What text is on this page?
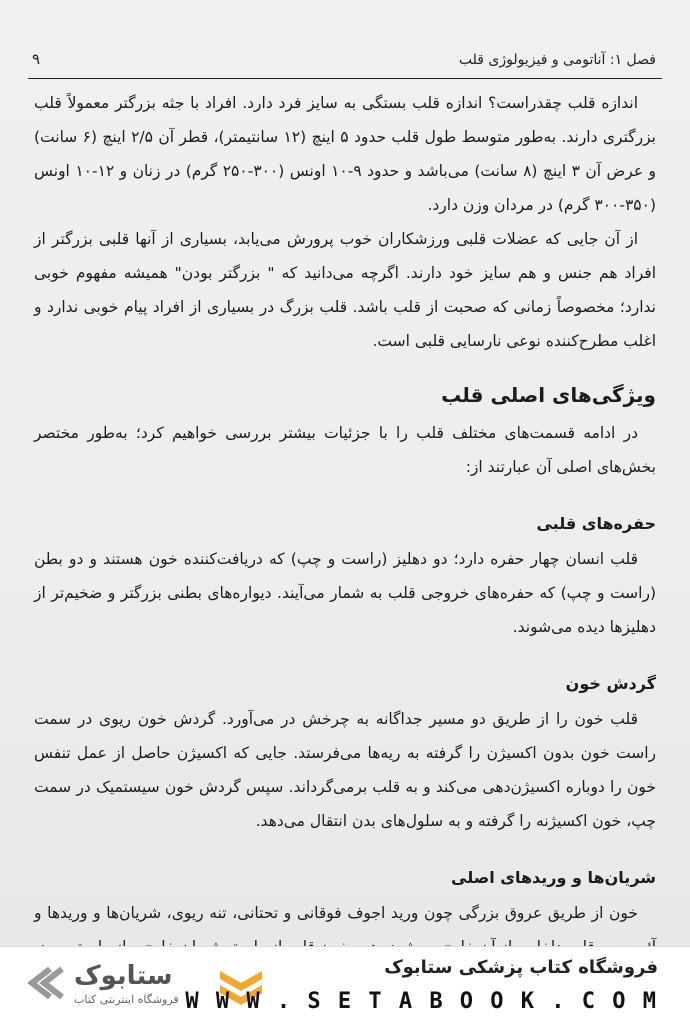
فصل ۱: آناتومی و فیزیولوژی قلب
۹

اندازه قلب چقدراست؟ اندازه قلب بستگی به سایز فرد دارد. افراد با جثه بزرگتر معمولاً قلب بزرگتری دارند. به‌طور متوسط طول قلب حدود ۵ اینچ (۱۲ سانتیمتر)، قطر آن ۲/۵ اینچ (۶ سانت) و عرض آن ۳ اینچ (۸ سانت) می‌باشد و حدود ۹-۱۰ اونس (۳۰۰-۲۵۰ گرم) در زنان و ۱۲-۱۰ اونس (۳۵۰-۳۰۰ گرم) در مردان وزن دارد.

از آن جایی که عضلات قلبی ورزشکاران خوب پرورش می‌یابد، بسیاری از آنها قلبی بزرگتر از افراد هم جنس و هم سایز خود دارند. اگرچه می‌دانید که " بزرگتر بودن" همیشه مفهوم خوبی ندارد؛ مخصوصاً زمانی که صحبت از قلب باشد. قلب بزرگ در بسیاری از افراد پیام خوبی ندارد و اغلب مطرح‌کننده نوعی نارسایی قلبی است.

ویژگی‌های اصلی قلب

در ادامه قسمت‌های مختلف قلب را با جزئیات بیشتر بررسی خواهیم کرد؛ به‌طور مختصر بخش‌های اصلی آن عبارتند از:

حفره‌های قلبی

قلب انسان چهار حفره دارد؛ دو دهلیز (راست و چپ) که دریافت‌کننده خون هستند و دو بطن (راست و چپ) که حفره‌های خروجی قلب به شمار می‌آیند. دیواره‌های بطنی بزرگتر و ضخیم‌تر از دهلیزها دیده می‌شوند.

گردش خون

قلب خون را از طریق دو مسیر جداگانه به چرخش در می‌آورد. گردش خون ریوی در سمت راست خون بدون اکسیژن را گرفته به ریه‌ها می‌فرستد. جایی که اکسیژن حاصل از عمل تنفس خون را دوباره اکسیژن‌دهی می‌کند و به قلب برمی‌گرداند. سپس گردش خون سیستمیک در سمت چپ، خون اکسیژنه را گرفته و به سلول‌های بدن انتقال می‌دهد.

شریان‌ها و وریدهای اصلی

خون از طریق عروق بزرگی چون ورید اجوف فوقانی و تحتانی، تنه ریوی، شریان‌ها و وریدها و

ستابوک
فروشگاه اینترنتی کتاب
فروشگاه کتاب پزشکی ستابوک
W W W . S E T A B O O K . C O M
